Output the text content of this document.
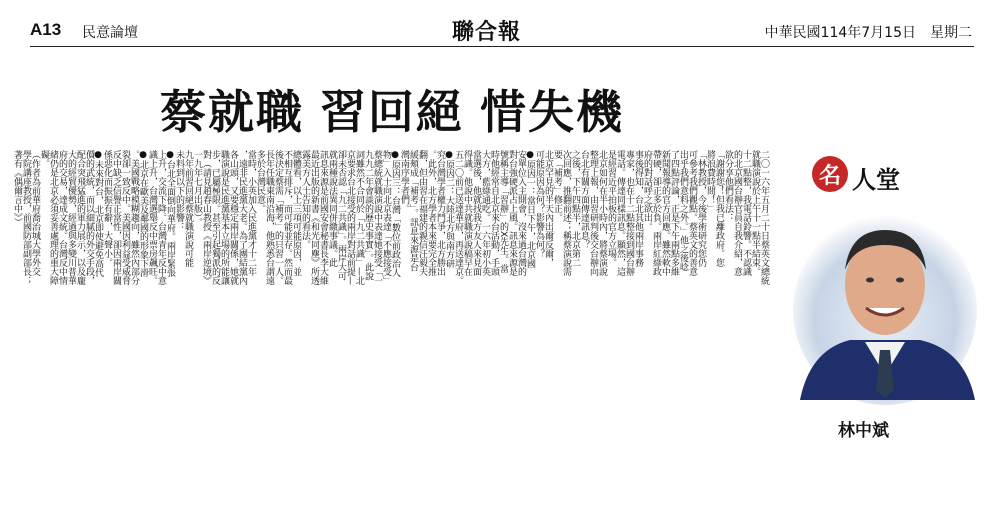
A13 民意論壇	聯合報	中華民國114年7月15日　星期二
蔡就職 習回絕 惜失機
二〇一六年五月二十日蔡英文總統
就職演說於上午十一點半結束。
十二點整，我電話鈴響。不認識
的北京國台辦官員自我介紹，意
欲分享他們看法：
「謝謝您！但我已離政府。您
將浪費時間！」
「林教授，今後學術研究您仍
可參考我們觀點。蔡英文的善意
出乎我們意料之外。」他之後唸
了四點評論，正是下午兩點多維
新聞報導的官方回應。雖然軟中
帶硬，卻正多於負。兩岸紅綠政
府的對話呼之欲出。
事後得知，台北其他兩岸事務
專家，也在十二點整接到國台辦
電話。傳達同樣訊息。顯然，這
是經習近平拍板的官方立場。
北京如何在半小時內，將蔡演說
整理上報，由習研判後交台辦向
台北有關方面傳達訊息？
之後，下午四點半，北京第二
次回應，推翻前述；稱蔡演說需
要「補考」修正。
北京罕見的半天內出爾反爾，
可能原因為何？影響為何？
●原因一：當日下午，北京國
安單位入主開會，沒來過台灣的
對台強硬派占上風。訊息來源是
號稱主導「習辦」的X先生。當
時他經常自北京來台活動，手頭
大方，藍綠通吃。一六年初小英
當選後，他就找我方友人來見面
得識。他說中共就職演說稿早在
五二〇前已送達華府，再送達京。
●原因二：大陸北方與南方研
究台灣學者權力鬥爭，北方勝出
。此外，北方學者本來要完全推
翻，但由習在福建的親信汪毅夫
緩頰成「補考」。訊息來源是台
灣南序學者們。
●原因三：台灣「數位前政治人
物」入士向北京表達「不應接受」
蔡總統就職演說中表達她接受「一
九九二年會談的歷史事實」。此說
詞雖然不合同於「九二共識」—北
京要求台北接受的兩岸對話前提—
卻未否認「九二共識」。兩岸大可
就兩種說法異同併繳事議。此
訊息來源是前國安會秘書長李大維
最近出版的新書《和光同塵》所透
露美方人士告知的看法。
總體看，以上三項可能原因，並
不相互排斥，而可能並存。然而最
後決定蔡需「補考」的只習一人。
長年任職東南沿海，他熟悉台謂遠
多於台灣民意。
當時，小英加入民進黨才十二年
，遠非民進黨大老。為了團結黨內
各山頭，又要穩定兩岸關係，她就
職演說是民進黨基本立場的所能讓
步，已屬極限。甚至引起獨派的反
對（請見趙春山教授《兩岸逆境》
一九年七月出版）。
九年前習回絕蔡就職演說可能
未料到以下的影響：
●台北全面倒向華府。兩岸緊張
上升，交流下降。台灣青年反中意
識上升，台灣選舉反中票房飆旺。
●北京在歐美及鄰國的形象下滑
。美國戰略模糊趨向，雖然內部分
裂卻一致反中。美國因利益受威脅
反中缺乏信譽正當性，卻因兩岸關
係惡化而振振有辭，大聲小。
●未來對台，北京即使避免高代
價的武統，而以細膩的外交手段，
配合突飛猛進的軍力展示，以及龐
大的經貿優勢，經過與多變川普華
府的交易，達成文統。台灣反中情
緒仍是北京必須妥善處理的重大障
礙。
（作者為前華府喬治城大學外交
學院講座教授，前國防部副部長；
著有《偶爾言中》）	名 人堂
林中斌
